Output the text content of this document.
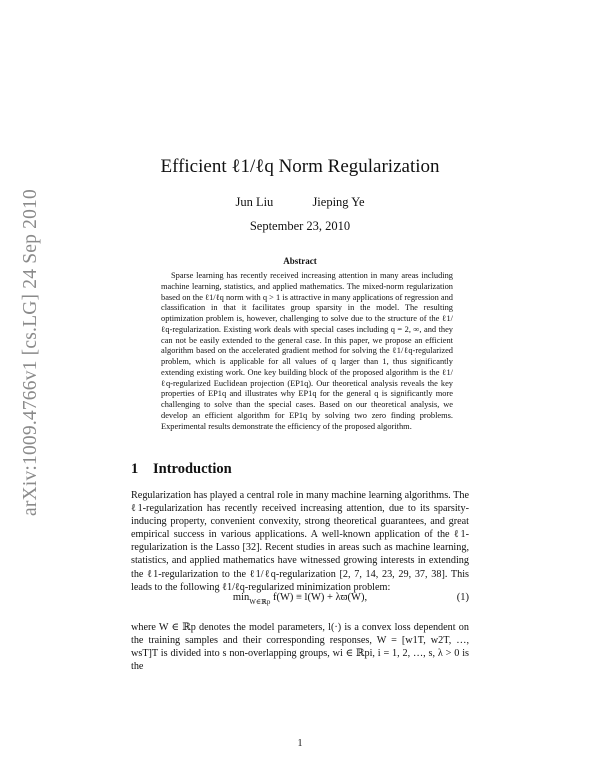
arXiv:1009.4766v1 [cs.LG] 24 Sep 2010
Efficient ℓ1/ℓq Norm Regularization
Jun Liu	Jieping Ye
September 23, 2010
Abstract
Sparse learning has recently received increasing attention in many areas including machine learning, statistics, and applied mathematics. The mixed-norm regularization based on the ℓ1/ℓq norm with q > 1 is attractive in many applications of regression and classification in that it facilitates group sparsity in the model. The resulting optimization problem is, however, challenging to solve due to the structure of the ℓ1/ℓq-regularization. Existing work deals with special cases including q = 2, ∞, and they can not be easily extended to the general case. In this paper, we propose an efficient algorithm based on the accelerated gradient method for solving the ℓ1/ℓq-regularized problem, which is applicable for all values of q larger than 1, thus significantly extending existing work. One key building block of the proposed algorithm is the ℓ1/ℓq-regularized Euclidean projection (EP1q). Our theoretical analysis reveals the key properties of EP1q and illustrates why EP1q for the general q is significantly more challenging to solve than the special cases. Based on our theoretical analysis, we develop an efficient algorithm for EP1q by solving two zero finding problems. Experimental results demonstrate the efficiency of the proposed algorithm.
1 Introduction
Regularization has played a central role in many machine learning algorithms. The ℓ1-regularization has recently received increasing attention, due to its sparsity-inducing property, convenient convexity, strong theoretical guarantees, and great empirical success in various applications. A well-known application of the ℓ1-regularization is the Lasso [32]. Recent studies in areas such as machine learning, statistics, and applied mathematics have witnessed growing interests in extending the ℓ1-regularization to the ℓ1/ℓq-regularization [2, 7, 14, 23, 29, 37, 38]. This leads to the following ℓ1/ℓq-regularized minimization problem:
$\min_{W\in ℝp} f(W) \equiv l(W) + \lambda ϖ(W)$,	(1)
where W ∈ ℝp denotes the model parameters, l(·) is a convex loss dependent on the training samples and their corresponding responses, W = [w1T, w2T, …, wsT]T is divided into s non-overlapping groups, wi ∈ ℝpi, i = 1, 2, …, s, λ > 0 is the
1
